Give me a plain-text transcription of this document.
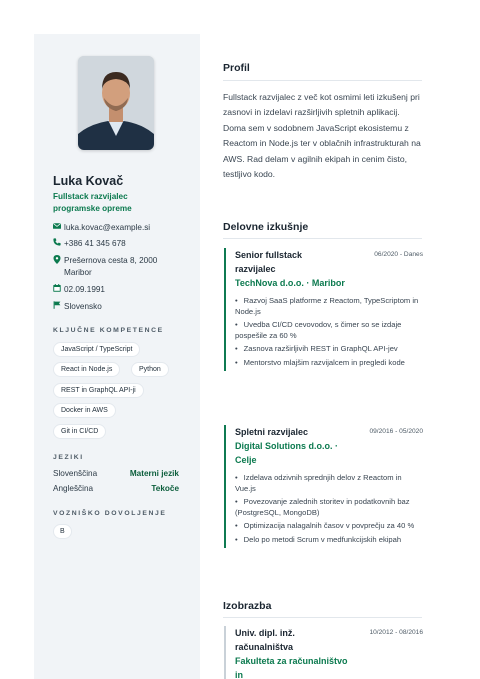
Luka Kovač
Fullstack razvijalec programske opreme
luka.kovac@example.si
+386 41 345 678
Prešernova cesta 8, 2000 Maribor
02.09.1991
Slovensko
KLJUČNE KOMPETENCE
JavaScript / TypeScript
React in Node.js	Python
REST in GraphQL API-ji
Docker in AWS
Git in CI/CD
JEZIKI
Slovenščina	Materni jezik
Angleščina	Tekoče
VOZNIŠKO DOVOLJENJE
B
Profil
Fullstack razvijalec z več kot osmimi leti izkušenj pri zasnovi in izdelavi razširljivih spletnih aplikacij. Doma sem v sodobnem JavaScript ekosistemu z Reactom in Node.js ter v oblačnih infrastrukturah na AWS. Rad delam v agilnih ekipah in cenim čisto, testljivo kodo.
Delovne izkušnje
Senior fullstack razvijalec
06/2020 - Danes
TechNova d.o.o. · Maribor
• Razvoj SaaS platforme z Reactom, TypeScriptom in Node.js
• Uvedba CI/CD cevovodov, s čimer so se izdaje pospešile za 60 %
• Zasnova razširljivih REST in GraphQL API-jev
• Mentorstvo mlajšim razvijalcem in pregledi kode
Spletni razvijalec	09/2016 - 05/2020
Digital Solutions d.o.o. · Celje
• Izdelava odzivnih sprednjih delov z Reactom in Vue.js
• Povezovanje zalednih storitev in podatkovnih baz (PostgreSQL, MongoDB)
• Optimizacija nalagalnih časov v povprečju za 40 %
• Delo po metodi Scrum v medfunkcijskih ekipah
Izobrazba
Univ. dipl. inž. računalništva
10/2012 - 08/2016
Fakulteta za računalništvo in
